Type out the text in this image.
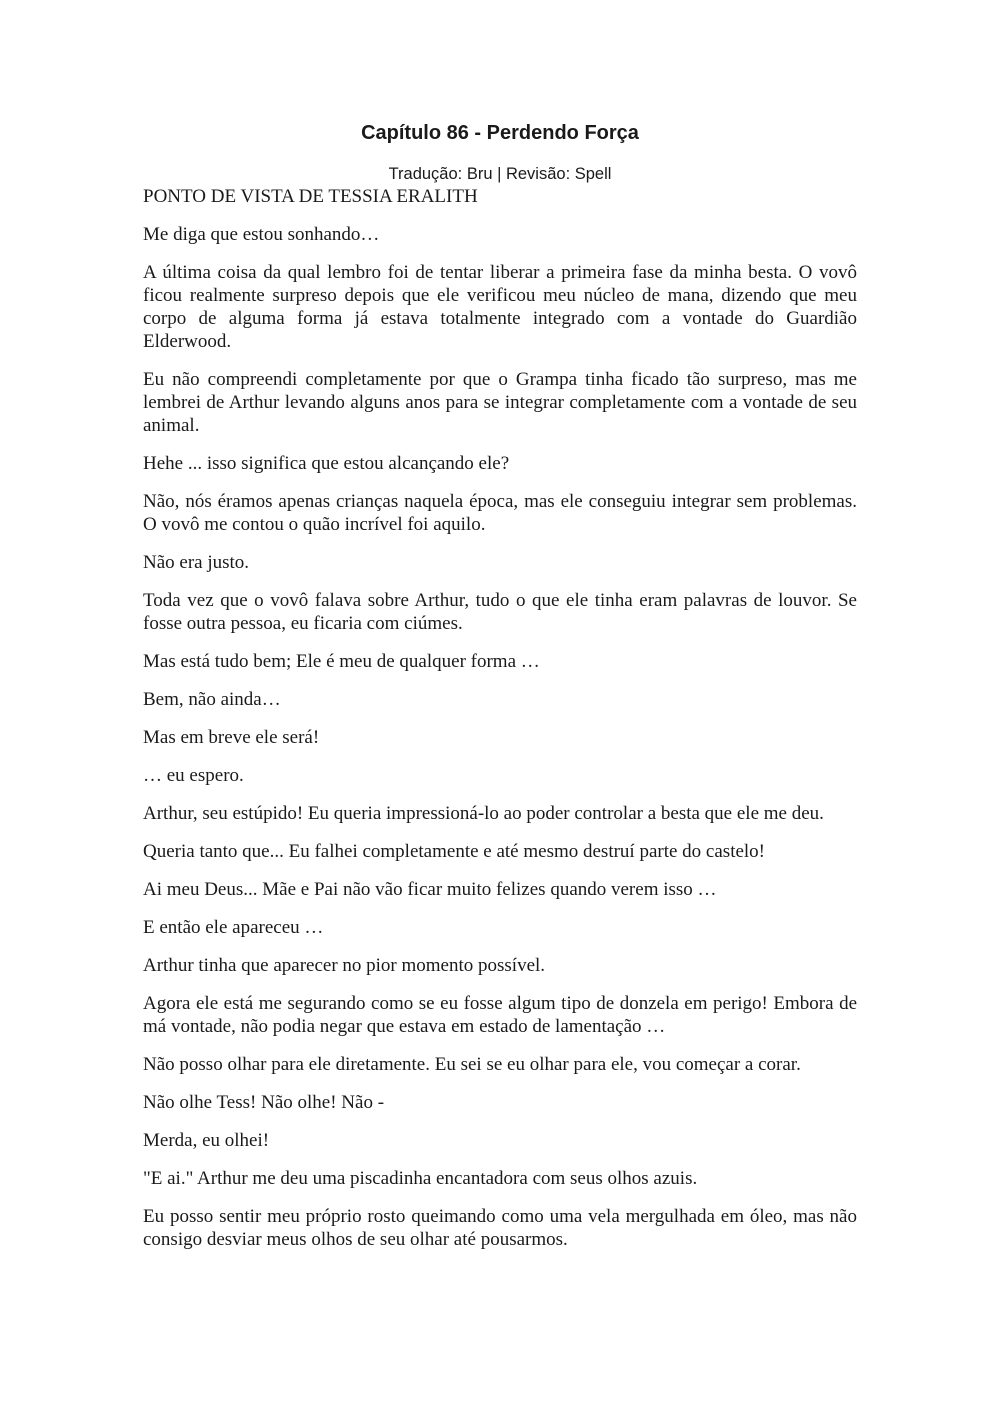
Capítulo 86 - Perdendo Força
Tradução: Bru | Revisão: Spell

PONTO DE VISTA DE TESSIA ERALITH

Me diga que estou sonhando…

A última coisa da qual lembro foi de tentar liberar a primeira fase da minha besta. O vovô ficou realmente surpreso depois que ele verificou meu núcleo de mana, dizendo que meu corpo de alguma forma já estava totalmente integrado com a vontade do Guardião Elderwood.

Eu não compreendi completamente por que o Grampa tinha ficado tão surpreso, mas me lembrei de Arthur levando alguns anos para se integrar completamente com a vontade de seu animal.

Hehe ... isso significa que estou alcançando ele?

Não, nós éramos apenas crianças naquela época, mas ele conseguiu integrar sem problemas. O vovô me contou o quão incrível foi aquilo.

Não era justo.

Toda vez que o vovô falava sobre Arthur, tudo o que ele tinha eram palavras de louvor. Se fosse outra pessoa, eu ficaria com ciúmes.

Mas está tudo bem; Ele é meu de qualquer forma …

Bem, não ainda…

Mas em breve ele será!

… eu espero.

Arthur, seu estúpido! Eu queria impressioná-lo ao poder controlar a besta que ele me deu.

Queria tanto que... Eu falhei completamente e até mesmo destruí parte do castelo!

Ai meu Deus... Mãe e Pai não vão ficar muito felizes quando verem isso …

E então ele apareceu …

Arthur tinha que aparecer no pior momento possível.

Agora ele está me segurando como se eu fosse algum tipo de donzela em perigo! Embora de má vontade, não podia negar que estava em estado de lamentação …

Não posso olhar para ele diretamente. Eu sei se eu olhar para ele, vou começar a corar.

Não olhe Tess! Não olhe! Não -

Merda, eu olhei!

"E ai." Arthur me deu uma piscadinha encantadora com seus olhos azuis.

Eu posso sentir meu próprio rosto queimando como uma vela mergulhada em óleo, mas não consigo desviar meus olhos de seu olhar até pousarmos.
